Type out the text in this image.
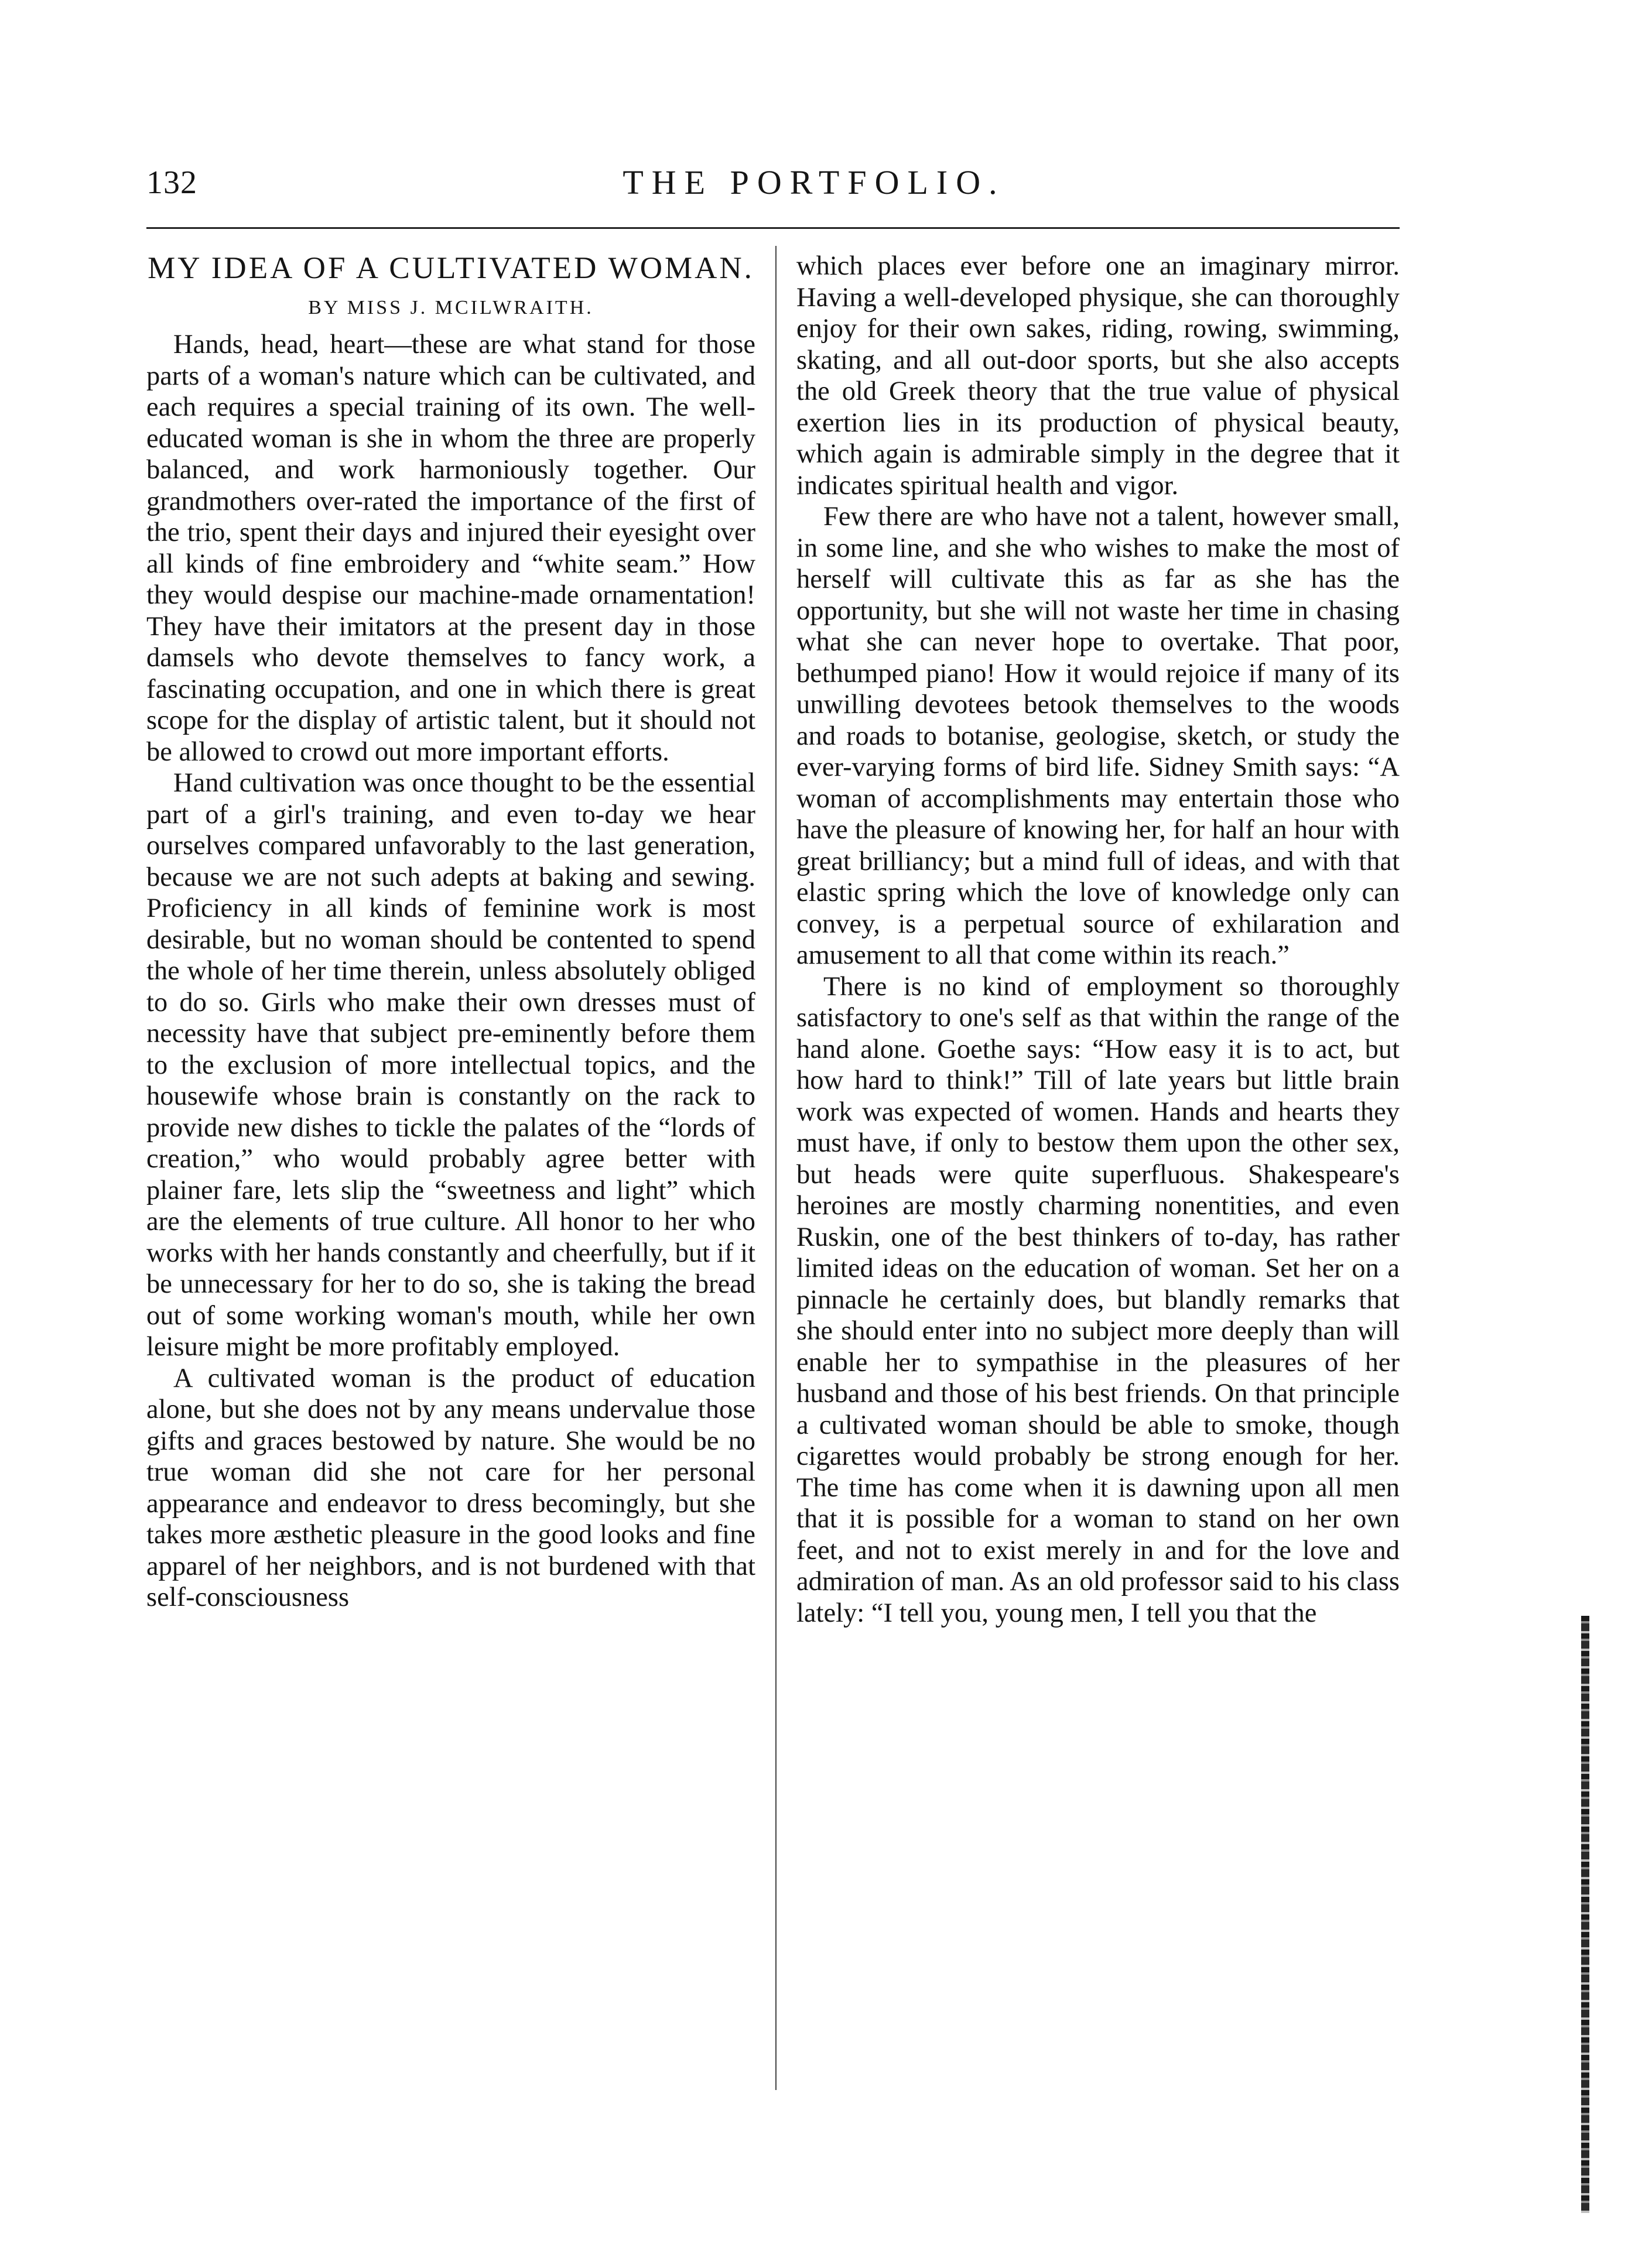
132	THE PORTFOLIO.
MY IDEA OF A CULTIVATED WOMAN.
BY MISS J. MCILWRAITH.

Hands, head, heart—these are what stand for those parts of a woman's nature which can be cultivated, and each requires a special training of its own. The well-educated woman is she in whom the three are properly balanced, and work harmoniously together. Our grandmothers over-rated the importance of the first of the trio, spent their days and injured their eyesight over all kinds of fine embroidery and “white seam.” How they would despise our machine-made ornamentation! They have their imitators at the present day in those damsels who devote themselves to fancy work, a fascinating occupation, and one in which there is great scope for the display of artistic talent, but it should not be allowed to crowd out more important efforts.

Hand cultivation was once thought to be the essential part of a girl's training, and even to-day we hear ourselves compared unfavorably to the last generation, because we are not such adepts at baking and sewing. Proficiency in all kinds of feminine work is most desirable, but no woman should be contented to spend the whole of her time therein, unless absolutely obliged to do so. Girls who make their own dresses must of necessity have that subject pre-eminently before them to the exclusion of more intellectual topics, and the housewife whose brain is constantly on the rack to provide new dishes to tickle the palates of the “lords of creation,” who would probably agree better with plainer fare, lets slip the “sweetness and light” which are the elements of true culture. All honor to her who works with her hands constantly and cheerfully, but if it be unnecessary for her to do so, she is taking the bread out of some working woman's mouth, while her own leisure might be more profitably employed.

A cultivated woman is the product of education alone, but she does not by any means undervalue those gifts and graces bestowed by nature. She would be no true woman did she not care for her personal appearance and endeavor to dress becomingly, but she takes more æsthetic pleasure in the good looks and fine apparel of her neighbors, and is not burdened with that self-consciousness

which places ever before one an imaginary mirror. Having a well-developed physique, she can thoroughly enjoy for their own sakes, riding, rowing, swimming, skating, and all out-door sports, but she also accepts the old Greek theory that the true value of physical exertion lies in its production of physical beauty, which again is admirable simply in the degree that it indicates spiritual health and vigor.

Few there are who have not a talent, however small, in some line, and she who wishes to make the most of herself will cultivate this as far as she has the opportunity, but she will not waste her time in chasing what she can never hope to overtake. That poor, bethumped piano! How it would rejoice if many of its unwilling devotees betook themselves to the woods and roads to botanise, geologise, sketch, or study the ever-varying forms of bird life. Sidney Smith says: “A woman of accomplishments may entertain those who have the pleasure of knowing her, for half an hour with great brilliancy; but a mind full of ideas, and with that elastic spring which the love of knowledge only can convey, is a perpetual source of exhilaration and amusement to all that come within its reach.”

There is no kind of employment so thoroughly satisfactory to one's self as that within the range of the hand alone. Goethe says: “How easy it is to act, but how hard to think!” Till of late years but little brain work was expected of women. Hands and hearts they must have, if only to bestow them upon the other sex, but heads were quite superfluous. Shakespeare's heroines are mostly charming nonentities, and even Ruskin, one of the best thinkers of to-day, has rather limited ideas on the education of woman. Set her on a pinnacle he certainly does, but blandly remarks that she should enter into no subject more deeply than will enable her to sympathise in the pleasures of her husband and those of his best friends. On that principle a cultivated woman should be able to smoke, though cigarettes would probably be strong enough for her. The time has come when it is dawning upon all men that it is possible for a woman to stand on her own feet, and not to exist merely in and for the love and admiration of man. As an old professor said to his class lately: “I tell you, young men, I tell you that the
